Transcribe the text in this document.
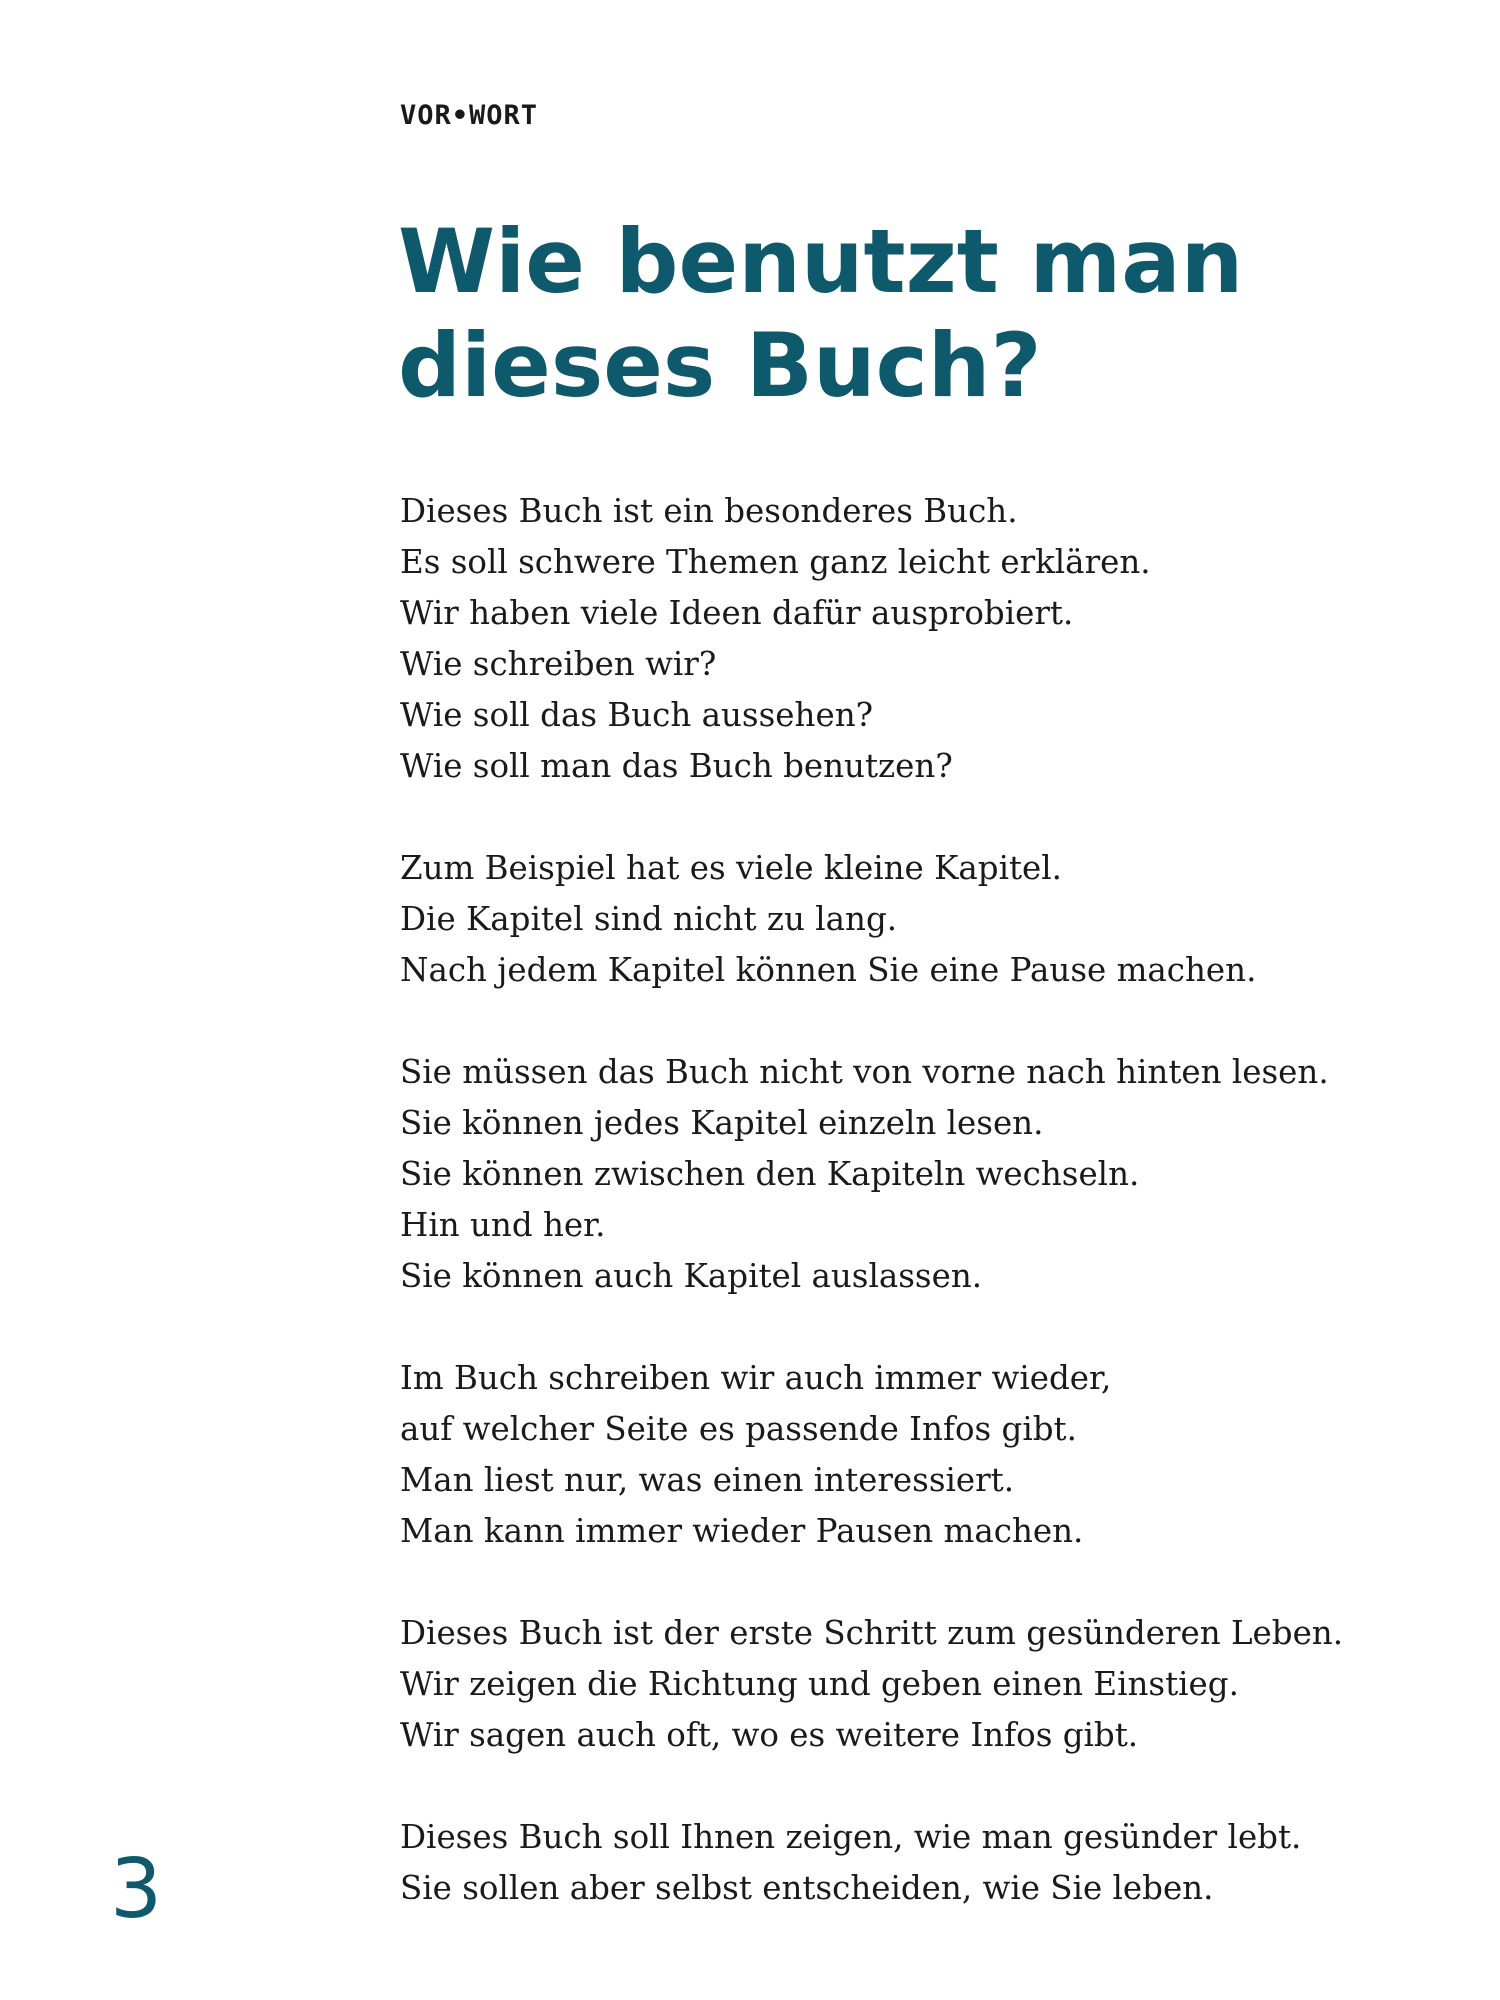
VOR•WORT
Wie benutzt man
dieses Buch?

Dieses Buch ist ein besonderes Buch.
Es soll schwere Themen ganz leicht erklären.
Wir haben viele Ideen dafür ausprobiert.
Wie schreiben wir?
Wie soll das Buch aussehen?
Wie soll man das Buch benutzen?

Zum Beispiel hat es viele kleine Kapitel.
Die Kapitel sind nicht zu lang.
Nach jedem Kapitel können Sie eine Pause machen.

Sie müssen das Buch nicht von vorne nach hinten lesen.
Sie können jedes Kapitel einzeln lesen.
Sie können zwischen den Kapiteln wechseln.
Hin und her.
Sie können auch Kapitel auslassen.

Im Buch schreiben wir auch immer wieder,
auf welcher Seite es passende Infos gibt.
Man liest nur, was einen interessiert.
Man kann immer wieder Pausen machen.

Dieses Buch ist der erste Schritt zum gesünderen Leben.
Wir zeigen die Richtung und geben einen Einstieg.
Wir sagen auch oft, wo es weitere Infos gibt.

Dieses Buch soll Ihnen zeigen, wie man gesünder lebt.
Sie sollen aber selbst entscheiden, wie Sie leben.

3
